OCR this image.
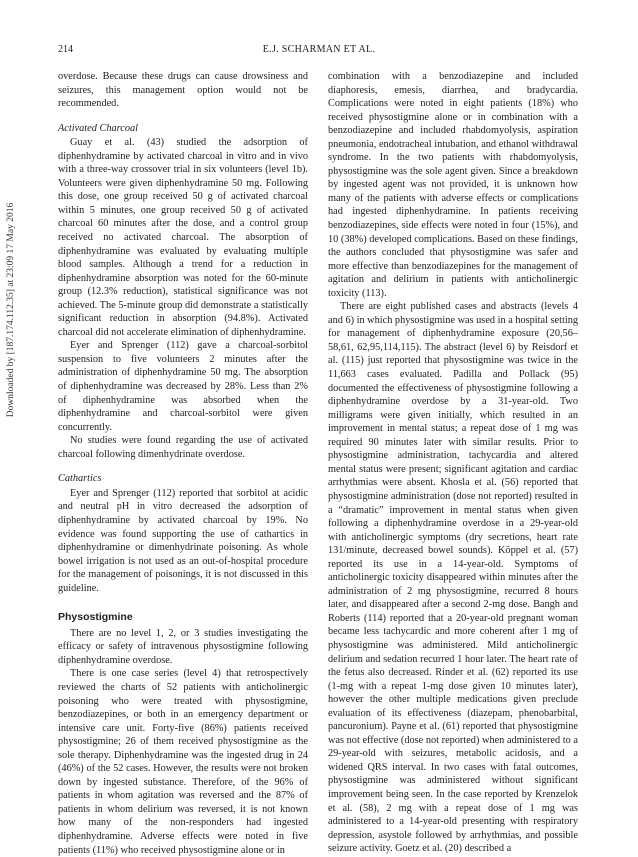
214	E.J. SCHARMAN ET AL.
Downloaded by [187.174.112.35] at 23:09 17 May 2016

overdose. Because these drugs can cause drowsiness and seizures, this management option would not be recommended.

Activated Charcoal

Guay et al. (43) studied the adsorption of diphenhydramine by activated charcoal in vitro and in vivo with a three-way crossover trial in six volunteers (level 1b). Volunteers were given diphenhydramine 50 mg. Following this dose, one group received 50 g of activated charcoal within 5 minutes, one group received 50 g of activated charcoal 60 minutes after the dose, and a control group received no activated charcoal. The absorption of diphenhydramine was evaluated by evaluating multiple blood samples. Although a trend for a reduction in diphenhydramine absorption was noted for the 60-minute group (12.3% reduction), statistical significance was not achieved. The 5-minute group did demonstrate a statistically significant reduction in absorption (94.8%). Activated charcoal did not accelerate elimination of diphenhydramine.

Eyer and Sprenger (112) gave a charcoal-sorbitol suspension to five volunteers 2 minutes after the administration of diphenhydramine 50 mg. The absorption of diphenhydramine was decreased by 28%. Less than 2% of diphenhydramine was absorbed when the diphenhydramine and charcoal-sorbitol were given concurrently.

No studies were found regarding the use of activated charcoal following dimenhydrinate overdose.

Cathartics

Eyer and Sprenger (112) reported that sorbitol at acidic and neutral pH in vitro decreased the adsorption of diphenhydramine by activated charcoal by 19%. No evidence was found supporting the use of cathartics in diphenhydramine or dimenhydrinate poisoning. As whole bowel irrigation is not used as an out-of-hospital procedure for the management of poisonings, it is not discussed in this guideline.

Physostigmine

There are no level 1, 2, or 3 studies investigating the efficacy or safety of intravenous physostigmine following diphenhydramine overdose.

There is one case series (level 4) that retrospectively reviewed the charts of 52 patients with anticholinergic poisoning who were treated with physostigmine, benzodiazepines, or both in an emergency department or intensive care unit. Forty-five (86%) patients received physostigmine; 26 of them received physostigmine as the sole therapy. Diphenhydramine was the ingested drug in 24 (46%) of the 52 cases. However, the results were not broken down by ingested substance. Therefore, of the 96% of patients in whom agitation was reversed and the 87% of patients in whom delirium was reversed, it is not known how many of the non-responders had ingested diphenhydramine. Adverse effects were noted in five patients (11%) who received physostigmine alone or in

combination with a benzodiazepine and included diaphoresis, emesis, diarrhea, and bradycardia. Complications were noted in eight patients (18%) who received physostigmine alone or in combination with a benzodiazepine and included rhabdomyolysis, aspiration pneumonia, endotracheal intubation, and ethanol withdrawal syndrome. In the two patients with rhabdomyolysis, physostigmine was the sole agent given. Since a breakdown by ingested agent was not provided, it is unknown how many of the patients with adverse effects or complications had ingested diphenhydramine. In patients receiving benzodiazepines, side effects were noted in four (15%), and 10 (38%) developed complications. Based on these findings, the authors concluded that physostigmine was safer and more effective than benzodiazepines for the management of agitation and delirium in patients with anticholinergic toxicity (113).

There are eight published cases and abstracts (levels 4 and 6) in which physostigmine was used in a hospital setting for management of diphenhydramine exposure (20,56–58,61, 62,95,114,115). The abstract (level 6) by Reisdorf et al. (115) just reported that physostigmine was twice in the 11,663 cases evaluated. Padilla and Pollack (95) documented the effectiveness of physostigmine following a diphenhydramine overdose by a 31-year-old. Two milligrams were given initially, which resulted in an improvement in mental status; a repeat dose of 1 mg was required 90 minutes later with similar results. Prior to physostigmine administration, tachycardia and altered mental status were present; significant agitation and cardiac arrhythmias were absent. Khosla et al. (56) reported that physostigmine administration (dose not reported) resulted in a “dramatic” improvement in mental status when given following a diphenhydramine overdose in a 29-year-old with anticholinergic symptoms (dry secretions, heart rate 131/minute, decreased bowel sounds). Köppel et al. (57) reported its use in a 14-year-old. Symptoms of anticholinergic toxicity disappeared within minutes after the administration of 2 mg physostigmine, recurred 8 hours later, and disappeared after a second 2-mg dose. Bangh and Roberts (114) reported that a 20-year-old pregnant woman became less tachycardic and more coherent after 1 mg of physostigmine was administered. Mild anticholinergic delirium and sedation recurred 1 hour later. The heart rate of the fetus also decreased. Rinder et al. (62) reported its use (1-mg with a repeat 1-mg dose given 10 minutes later), however the other multiple medications given preclude evaluation of its effectiveness (diazepam, phenobarbital, pancuronium). Payne et al. (61) reported that physostigmine was not effective (dose not reported) when administered to a 29-year-old with seizures, metabolic acidosis, and a widened QRS interval. In two cases with fatal outcomes, physostigmine was administered without significant improvement being seen. In the case reported by Krenzelok et al. (58), 2 mg with a repeat dose of 1 mg was administered to a 14-year-old presenting with respiratory depression, asystole followed by arrhythmias, and possible seizure activity. Goetz et al. (20) described a
